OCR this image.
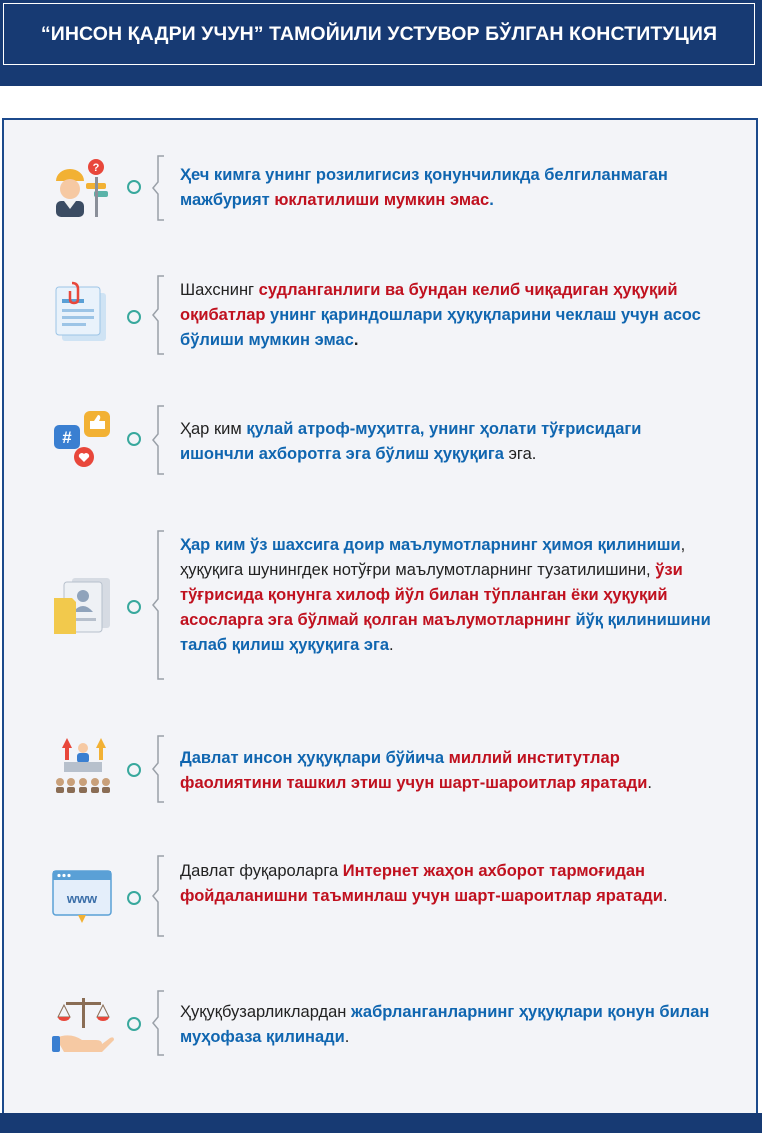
“ИНСОН ҚАДРИ УЧУН” ТАМОЙИЛИ УСТУВОР БЎЛГАН КОНСТИТУЦИЯ
?	Ҳеч кимга унинг розилигисиз қонунчиликда белгиланмаган мажбурият юклатилиши мумкин эмас.
Шахснинг судланганлиги ва бундан келиб чиқадиган ҳуқуқий оқибатлар унинг қариндошлари ҳуқуқларини чеклаш учун асос бўлиши мумкин эмас.
#	Ҳар ким қулай атроф-муҳитга, унинг ҳолати тўғрисидаги ишончли ахборотга эга бўлиш ҳуқуқига эга.
Ҳар ким ўз шахсига доир маълумотларнинг ҳимоя қилиниши, ҳуқуқига шунингдек нотўғри маълумотларнинг тузатилишини, ўзи тўғрисида қонунга хилоф йўл билан тўпланган ёки ҳуқуқий асосларга эга бўлмай қолган маълумотларнинг йўқ қилинишини талаб қилиш ҳуқуқига эга.
Давлат инсон ҳуқуқлари бўйича миллий институтлар фаолиятини ташкил этиш учун шарт-шароитлар яратади.
www
Давлат фуқароларга Интернет жаҳон ахборот тармоғидан фойдаланишни таъминлаш учун шарт-шароитлар яратади.
Ҳуқуқбузарликлардан жабрланганларнинг ҳуқуқлари қонун билан муҳофаза қилинади.
